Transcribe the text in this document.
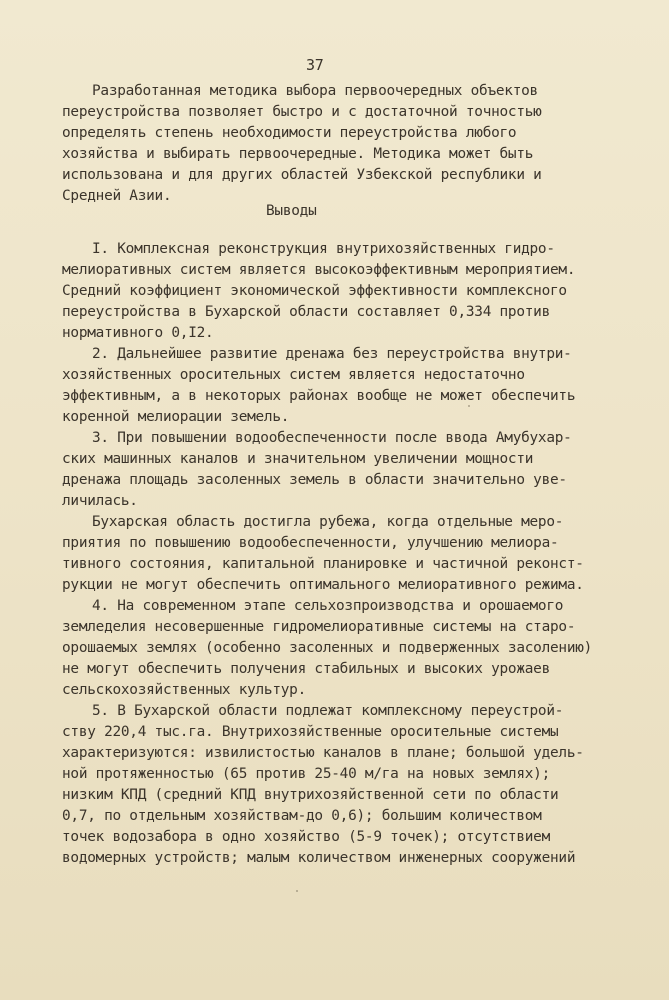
37
Разработанная методика выбора первоочередных объектов
переустройства позволяет быстро и с достаточной точностью
определять степень необходимости переустройства любого
хозяйства и выбирать первоочередные. Методика может быть
использована и для других областей Узбекской республики и
Средней Азии.
Выводы
I. Комплексная реконструкция внутрихозяйственных гидро-
мелиоративных систем является высокоэффективным мероприятием.
Средний коэффициент экономической эффективности комплексного
переустройства в Бухарской области составляет 0,334 против
нормативного 0,I2.
2. Дальнейшее развитие дренажа без переустройства внутри-
хозяйственных оросительных систем является недостаточно
эффективным, а в некоторых районах вообще не может обеспечить
коренной мелиорации земель.
3. При повышении водообеспеченности после ввода Амубухар-
ских машинных каналов и значительном увеличении мощности
дренажа площадь засоленных земель в области значительно уве-
личилась.
Бухарская область достигла рубежа, когда отдельные меро-
приятия по повышению водообеспеченности, улучшению мелиора-
тивного состояния, капитальной планировке и частичной реконст-
рукции не могут обеспечить оптимального мелиоративного режима.
4. На современном этапе сельхозпроизводства и орошаемого
земледелия несовершенные гидромелиоративные системы на старо-
орошаемых землях (особенно засоленных и подверженных засолению)
не могут обеспечить получения стабильных и высоких урожаев
сельскохозяйственных культур.
5. В Бухарской области подлежат комплексному переустрой-
ству 220,4 тыс.га. Внутрихозяйственные оросительные системы
характеризуются: извилистостью каналов в плане; большой удель-
ной протяженностью (65 против 25-40 м/га на новых землях);
низким КПД (средний КПД внутрихозяйственной сети по области
0,7, по отдельным хозяйствам-до 0,6); большим количеством
точек водозабора в одно хозяйство (5-9 точек); отсутствием
водомерных устройств; малым количеством инженерных сооружений
